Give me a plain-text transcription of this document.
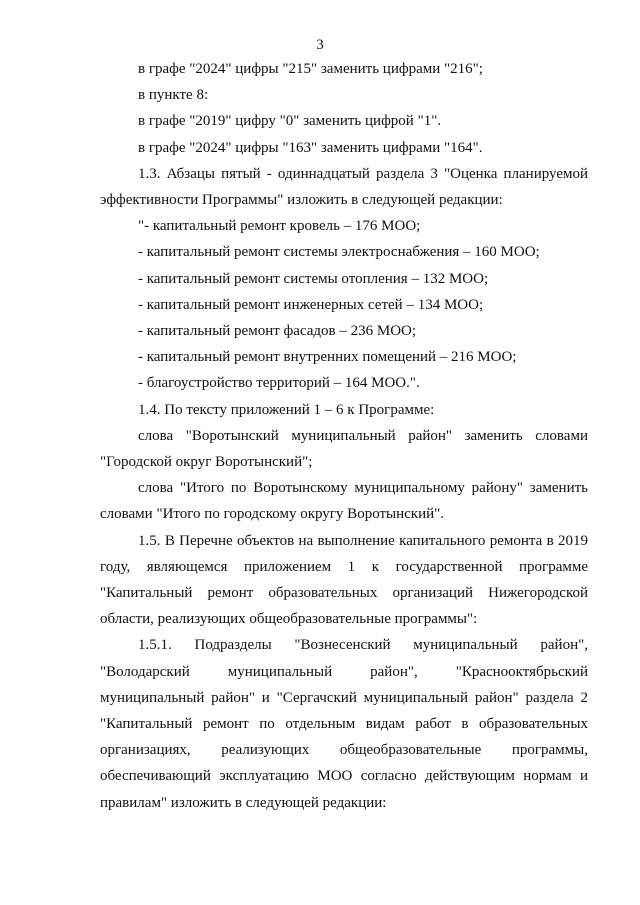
3

в графе "2024" цифры "215" заменить цифрами "216";

в пункте 8:

в графе "2019" цифру "0" заменить цифрой "1".

в графе "2024" цифры "163" заменить цифрами "164".

1.3. Абзацы пятый - одиннадцатый раздела 3 "Оценка планируемой эффективности Программы" изложить в следующей редакции:

"- капитальный ремонт кровель – 176 МОО;

- капитальный ремонт системы электроснабжения – 160 МОО;

- капитальный ремонт системы отопления – 132 МОО;

- капитальный ремонт инженерных сетей – 134 МОО;

- капитальный ремонт фасадов – 236 МОО;

- капитальный ремонт внутренних помещений – 216 МОО;

- благоустройство территорий – 164 МОО.".

1.4. По тексту приложений 1 – 6 к Программе:

слова "Воротынский муниципальный район" заменить словами "Городской округ Воротынский";

слова "Итого по Воротынскому муниципальному району" заменить словами "Итого по городскому округу Воротынский".

1.5. В Перечне объектов на выполнение капитального ремонта в 2019 году, являющемся приложением 1 к государственной программе "Капитальный ремонт образовательных организаций Нижегородской области, реализующих общеобразовательные программы":

1.5.1. Подразделы "Вознесенский муниципальный район", "Володарский муниципальный район", "Краснооктябрьский муниципальный район" и "Сергачский муниципальный район" раздела 2 "Капитальный ремонт по отдельным видам работ в образовательных организациях, реализующих общеобразовательные программы, обеспечивающий эксплуатацию МОО согласно действующим нормам и правилам" изложить в следующей редакции:
